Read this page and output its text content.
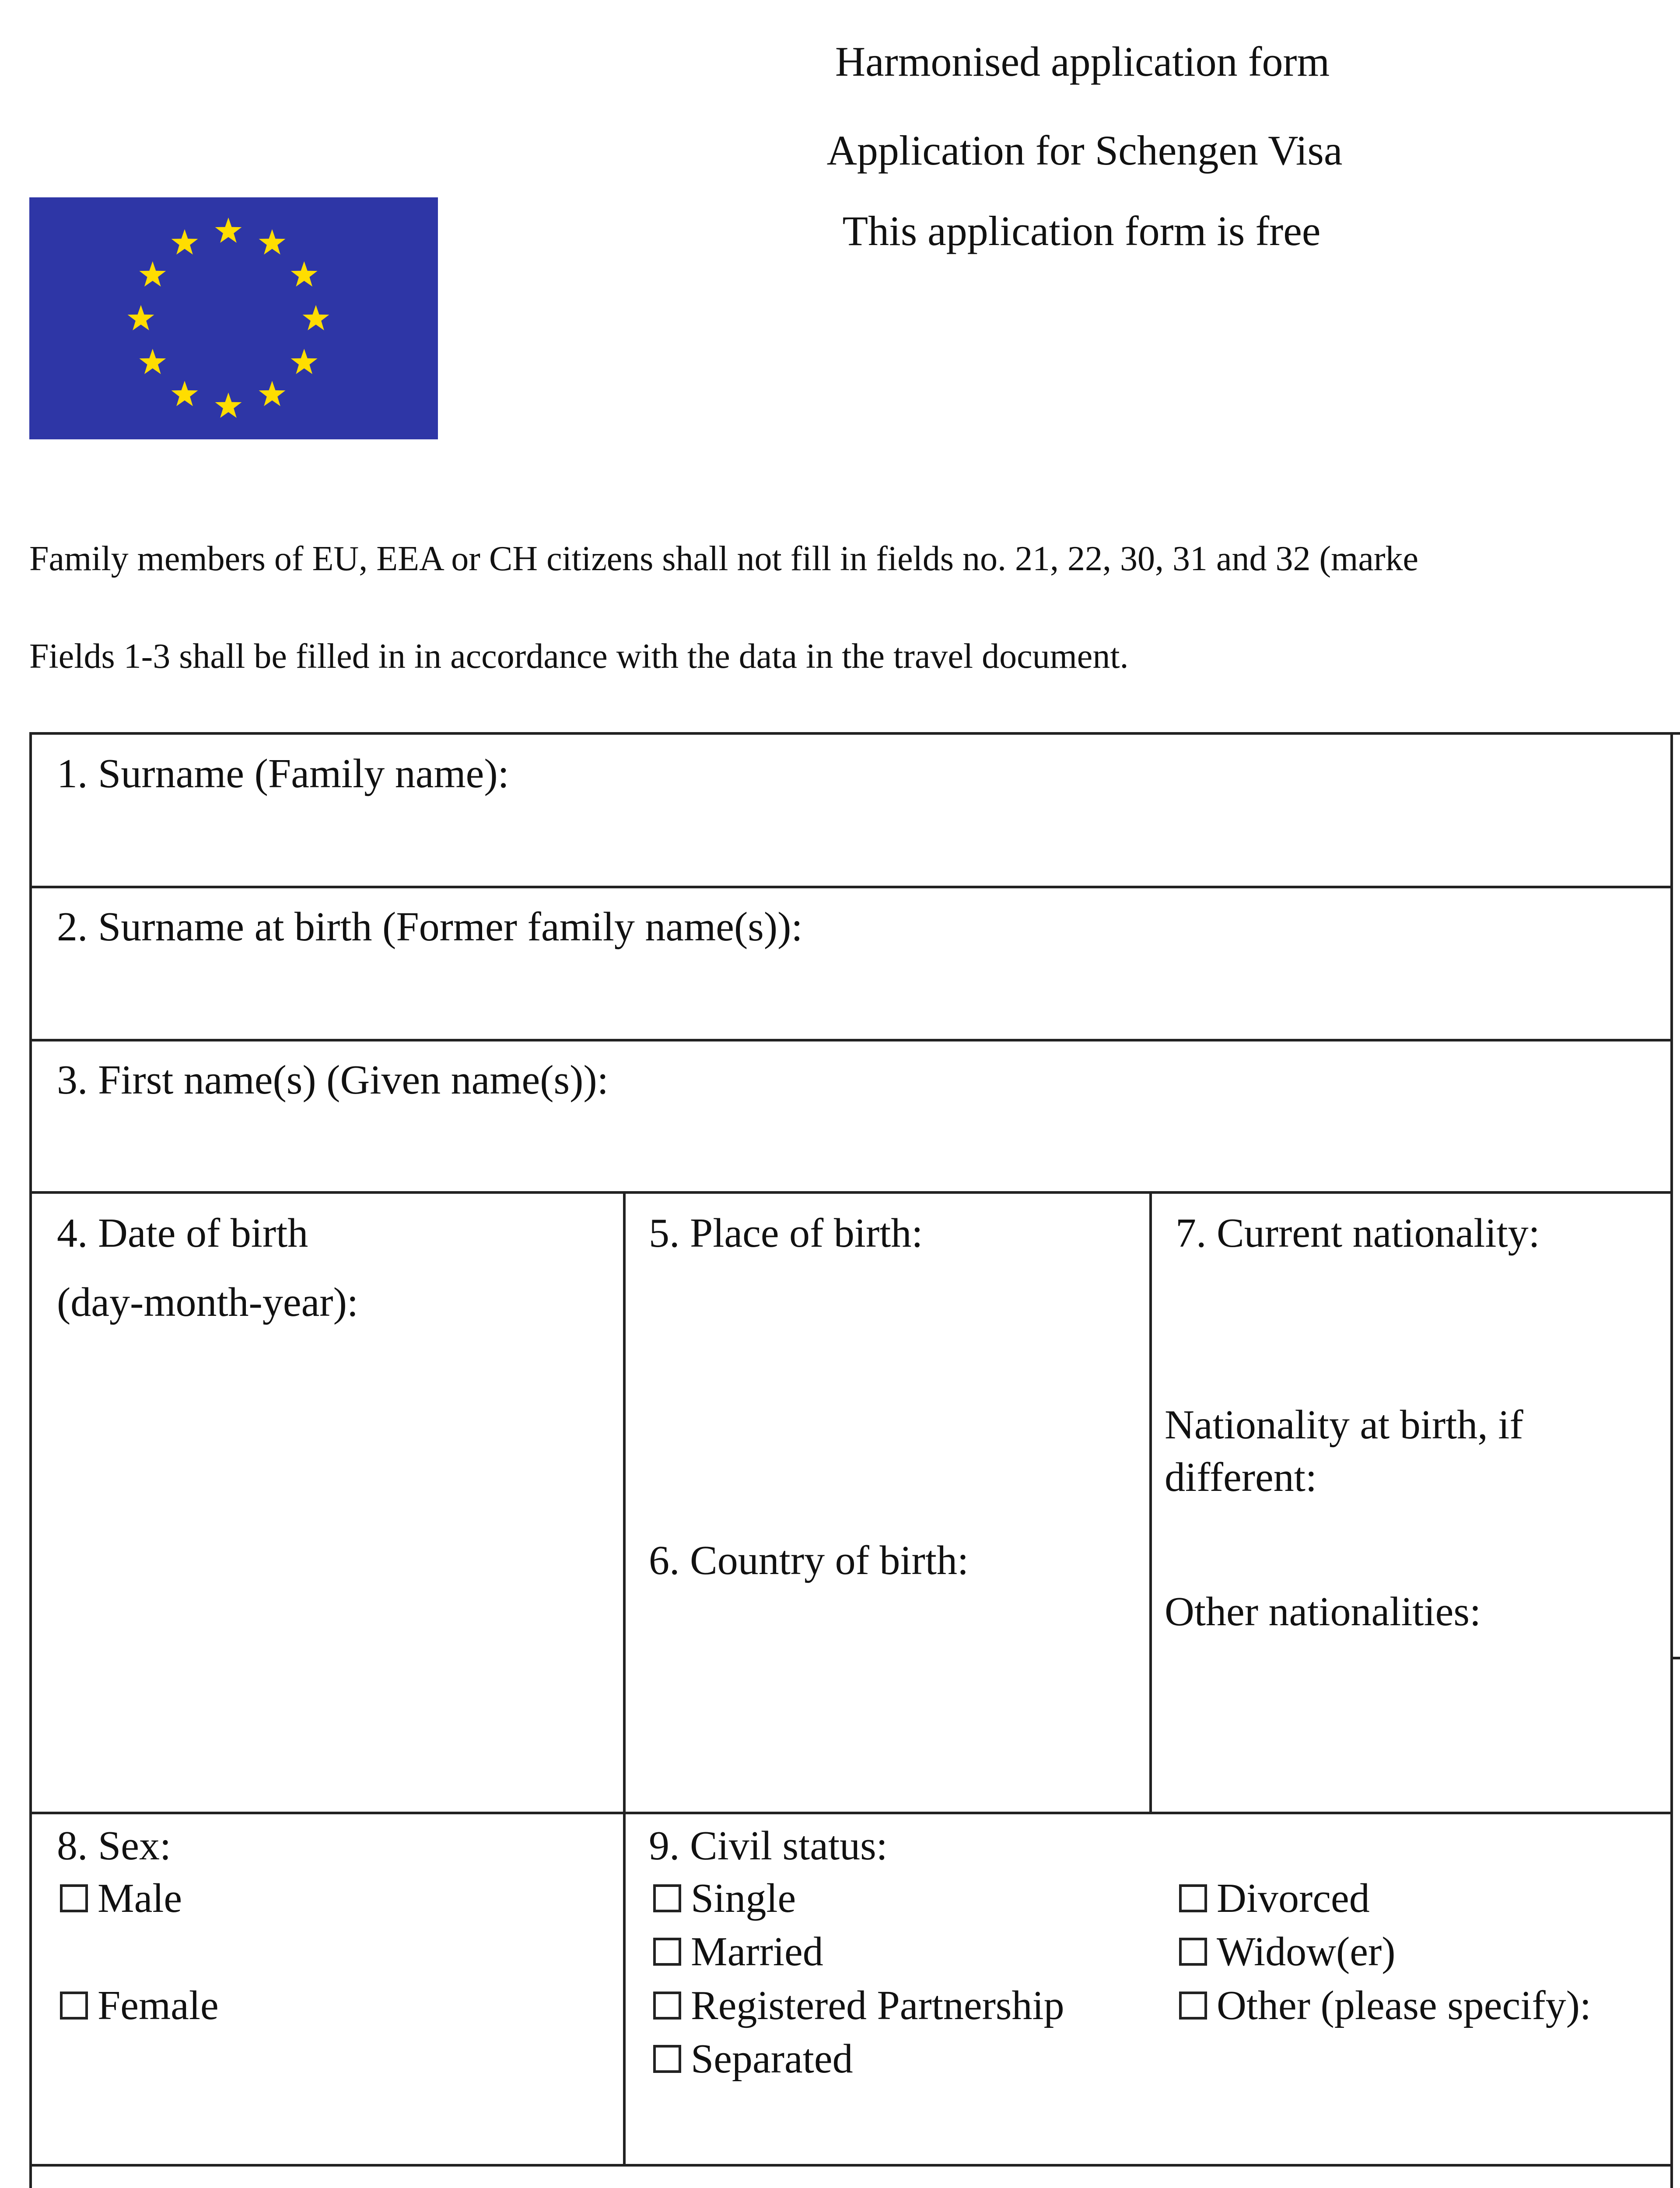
Harmonised application form
Application for Schengen Visa
This application form is free
Family members of EU, EEA or CH citizens shall not fill in fields no. 21, 22, 30, 31 and 32 (marke
Fields 1-3 shall be filled in in accordance with the data in the travel document.
1. Surname (Family name):
2. Surname at birth (Former family name(s)):
3. First name(s) (Given name(s)):
4. Date of birth
(day-month-year):
5. Place of birth:
6. Country of birth:
7. Current nationality:
Nationality at birth, if
different:
Other nationalities:
8. Sex:
Male
Female
9. Civil status:
Single
Married
Registered Partnership
Separated
Divorced
Widow(er)
Other (please specify):
